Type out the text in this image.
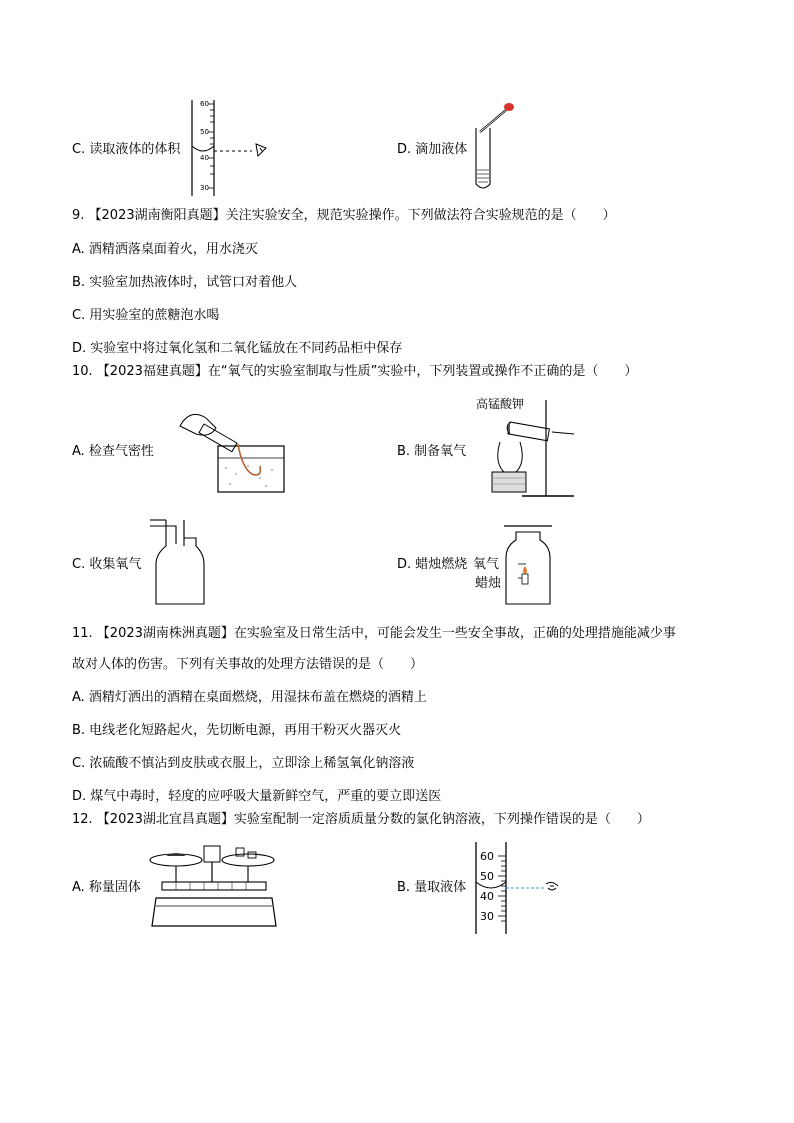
60
50
40
30
C. 读取液体的体积	D. 滴加液体
9. 【2023湖南衡阳真题】关注实验安全，规范实验操作。下列做法符合实验规范的是（　　）
A. 酒精洒落桌面着火，用水浇灭
B. 实验室加热液体时，试管口对着他人
C. 用实验室的蔗糖泡水喝
D. 实验室中将过氧化氢和二氧化锰放在不同药品柜中保存
10. 【2023福建真题】在“氧气的实验室制取与性质”实验中，下列装置或操作不正确的是（　　）
A. 检查气密性	B. 制备氧气
高锰酸钾
C. 收集氧气	D. 蜡烛燃烧 氧气
蜡烛
11. 【2023湖南株洲真题】在实验室及日常生活中，可能会发生一些安全事故，正确的处理措施能减少事
故对人体的伤害。下列有关事故的处理方法错误的是（　　）
A. 酒精灯洒出的酒精在桌面燃烧，用湿抹布盖在燃烧的酒精上
B. 电线老化短路起火，先切断电源，再用干粉灭火器灭火
C. 浓硫酸不慎沾到皮肤或衣服上，立即涂上稀氢氧化钠溶液
D. 煤气中毒时，轻度的应呼吸大量新鲜空气，严重的要立即送医
12. 【2023湖北宜昌真题】实验室配制一定溶质质量分数的氯化钠溶液，下列操作错误的是（　　）
A. 称量固体	B. 量取液体
60
50
40
30
